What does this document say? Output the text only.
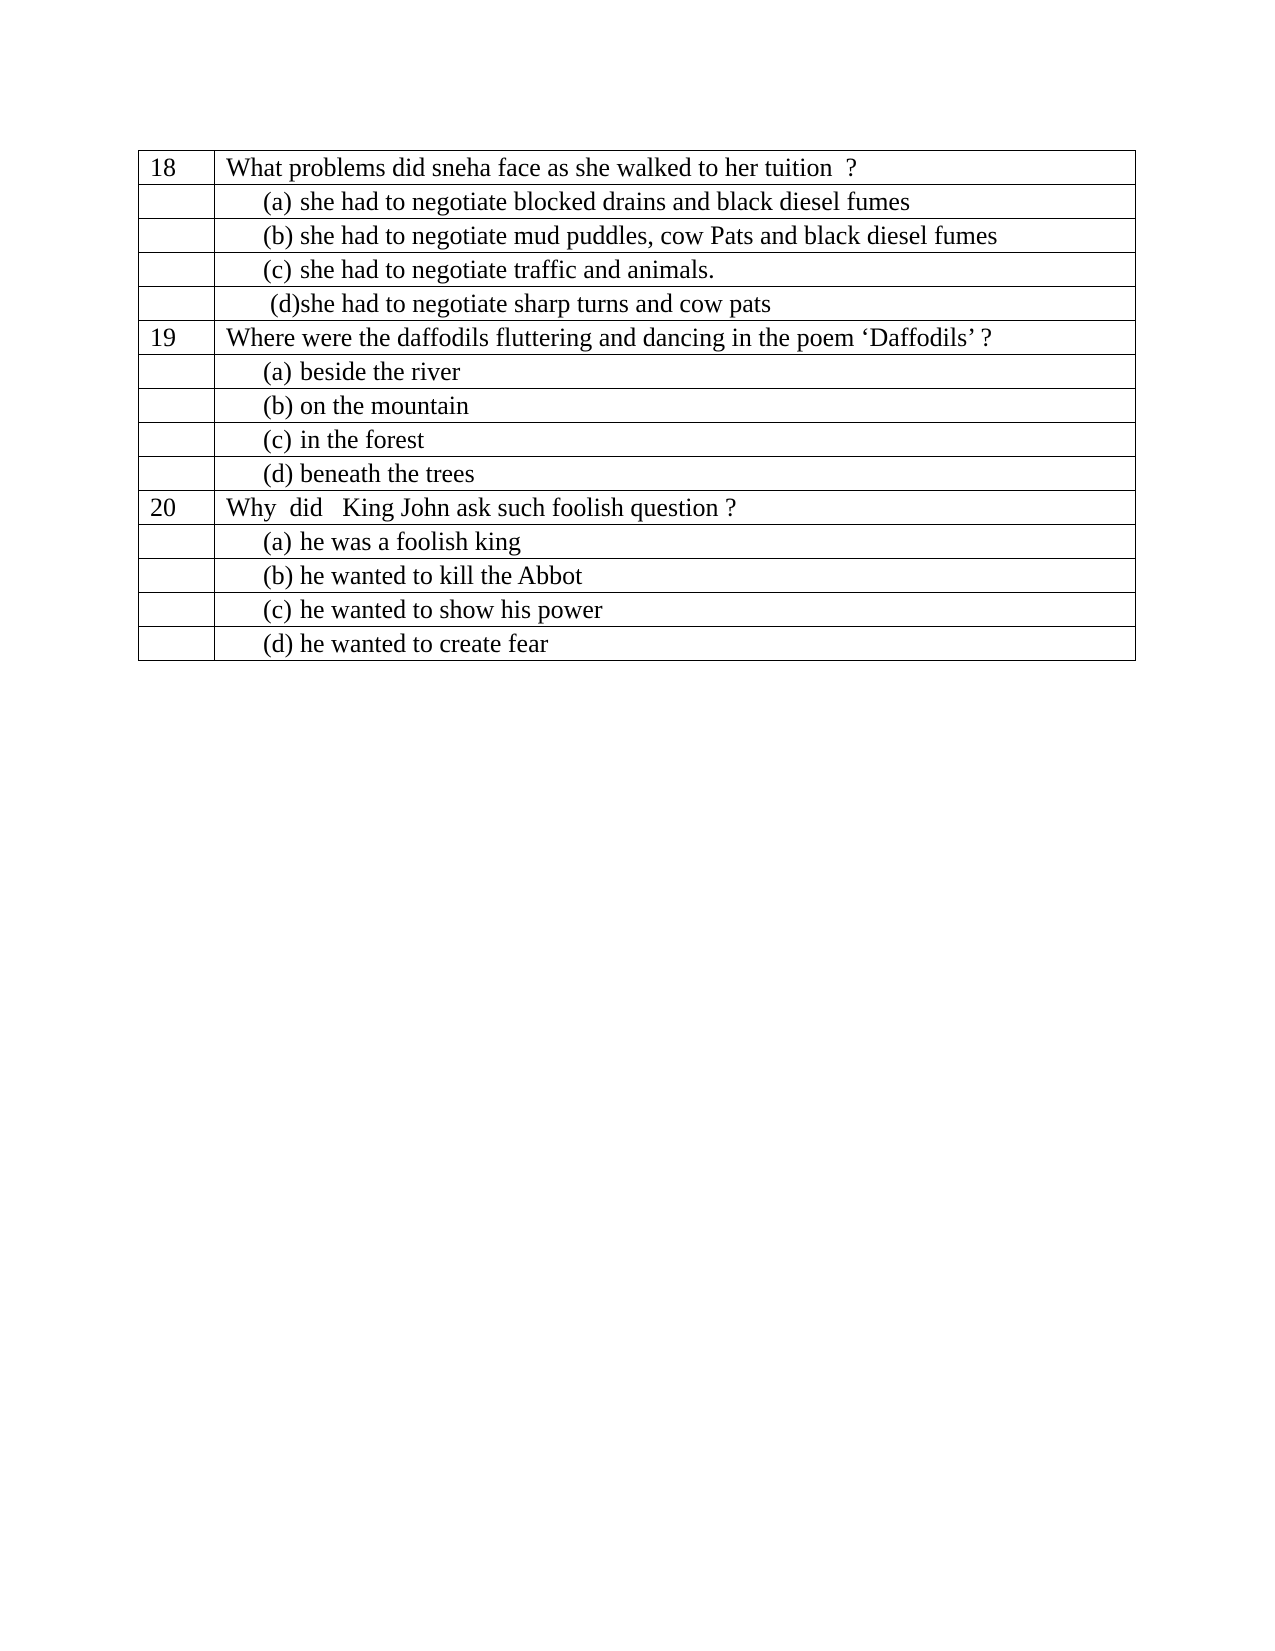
18	What problems did sneha face as she walked to her tuition  ?
	(a) she had to negotiate blocked drains and black diesel fumes
	(b) she had to negotiate mud puddles, cow Pats and black diesel fumes
	(c) she had to negotiate traffic and animals.
	(d)she had to negotiate sharp turns and cow pats
19	Where were the daffodils fluttering and dancing in the poem ‘Daffodils’ ?
	(a) beside the river
	(b) on the mountain
	(c) in the forest
	(d) beneath the trees
20	Why  did   King John ask such foolish question ?
	(a) he was a foolish king
	(b) he wanted to kill the Abbot
	(c) he wanted to show his power
	(d) he wanted to create fear
